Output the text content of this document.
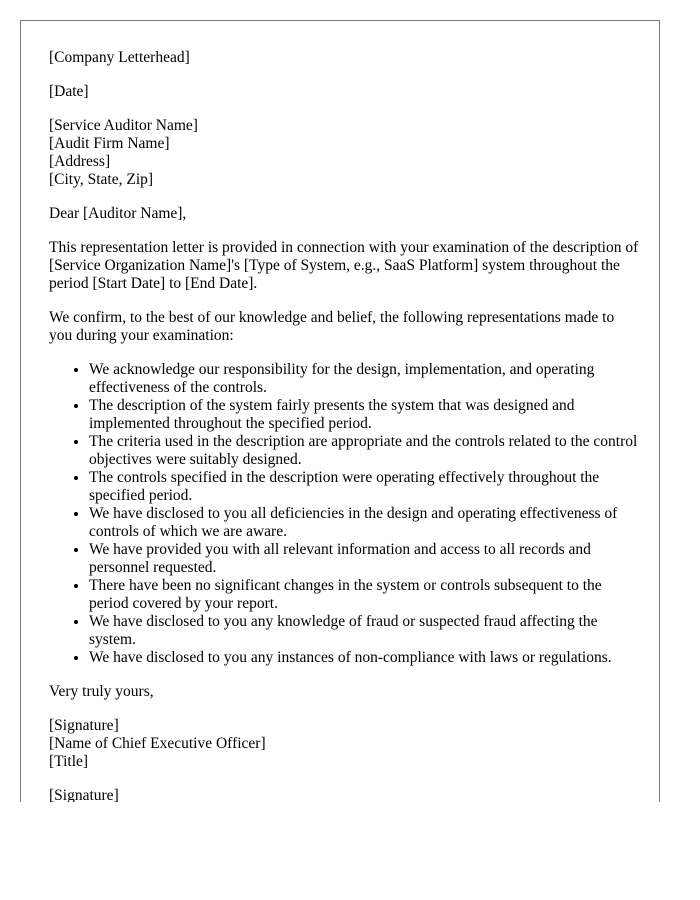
[Company Letterhead]

[Date]

[Service Auditor Name]
[Audit Firm Name]
[Address]
[City, State, Zip]

Dear [Auditor Name],

This representation letter is provided in connection with your examination of the description of [Service Organization Name]'s [Type of System, e.g., SaaS Platform] system throughout the period [Start Date] to [End Date].

We confirm, to the best of our knowledge and belief, the following representations made to you during your examination:

• We acknowledge our responsibility for the design, implementation, and operating effectiveness of the controls.
• The description of the system fairly presents the system that was designed and implemented throughout the specified period.
• The criteria used in the description are appropriate and the controls related to the control objectives were suitably designed.
• The controls specified in the description were operating effectively throughout the specified period.
• We have disclosed to you all deficiencies in the design and operating effectiveness of controls of which we are aware.
• We have provided you with all relevant information and access to all records and personnel requested.
• There have been no significant changes in the system or controls subsequent to the period covered by your report.
• We have disclosed to you any knowledge of fraud or suspected fraud affecting the system.
• We have disclosed to you any instances of non-compliance with laws or regulations.

Very truly yours,

[Signature]
[Name of Chief Executive Officer]
[Title]

[Signature]
